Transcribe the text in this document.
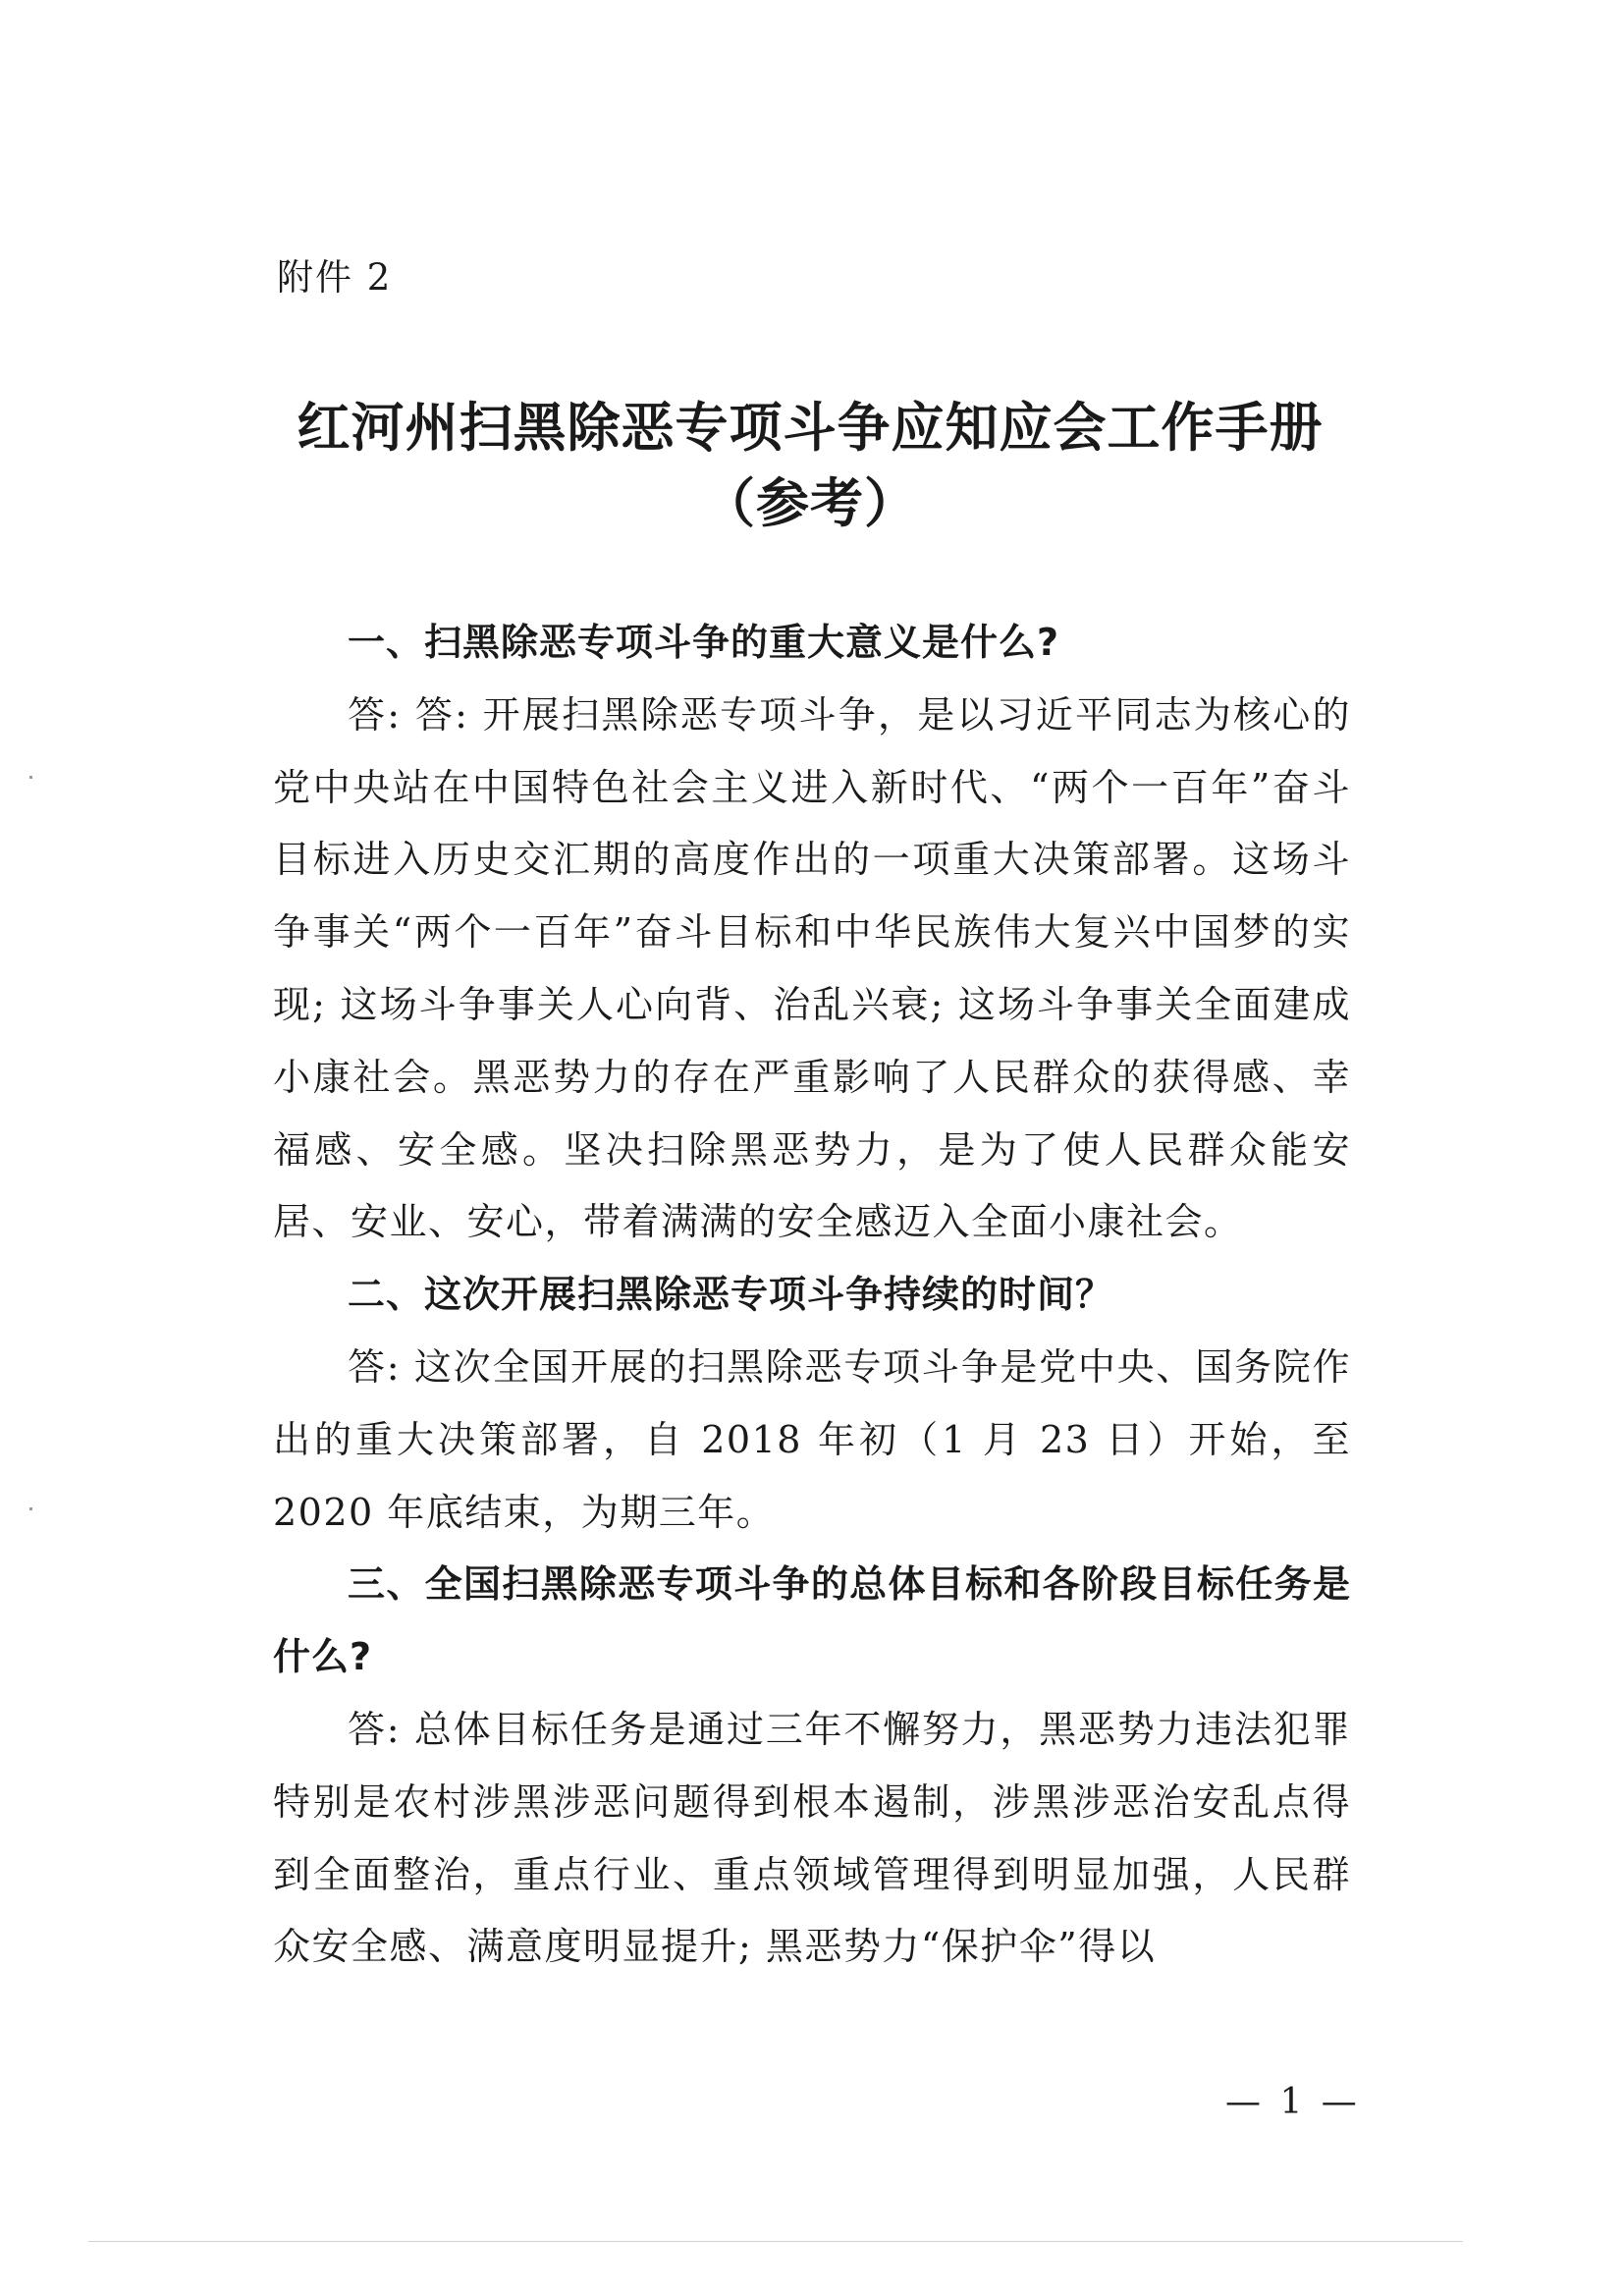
附件 2
红河州扫黑除恶专项斗争应知应会工作手册
（参考）

一、扫黑除恶专项斗争的重大意义是什么?

答: 答: 开展扫黑除恶专项斗争，是以习近平同志为核心的党中央站在中国特色社会主义进入新时代、“两个一百年”奋斗目标进入历史交汇期的高度作出的一项重大决策部署。这场斗争事关“两个一百年”奋斗目标和中华民族伟大复兴中国梦的实现; 这场斗争事关人心向背、治乱兴衰; 这场斗争事关全面建成小康社会。黑恶势力的存在严重影响了人民群众的获得感、幸福感、安全感。坚决扫除黑恶势力，是为了使人民群众能安居、安业、安心，带着满满的安全感迈入全面小康社会。

二、这次开展扫黑除恶专项斗争持续的时间？

答: 这次全国开展的扫黑除恶专项斗争是党中央、国务院作出的重大决策部署，自 2018 年初（1 月 23 日）开始，至 2020 年底结束，为期三年。

三、全国扫黑除恶专项斗争的总体目标和各阶段目标任务是什么?

答: 总体目标任务是通过三年不懈努力，黑恶势力违法犯罪特别是农村涉黑涉恶问题得到根本遏制，涉黑涉恶治安乱点得到全面整治，重点行业、重点领域管理得到明显加强，人民群众安全感、满意度明显提升; 黑恶势力“保护伞”得以

— 1 —
